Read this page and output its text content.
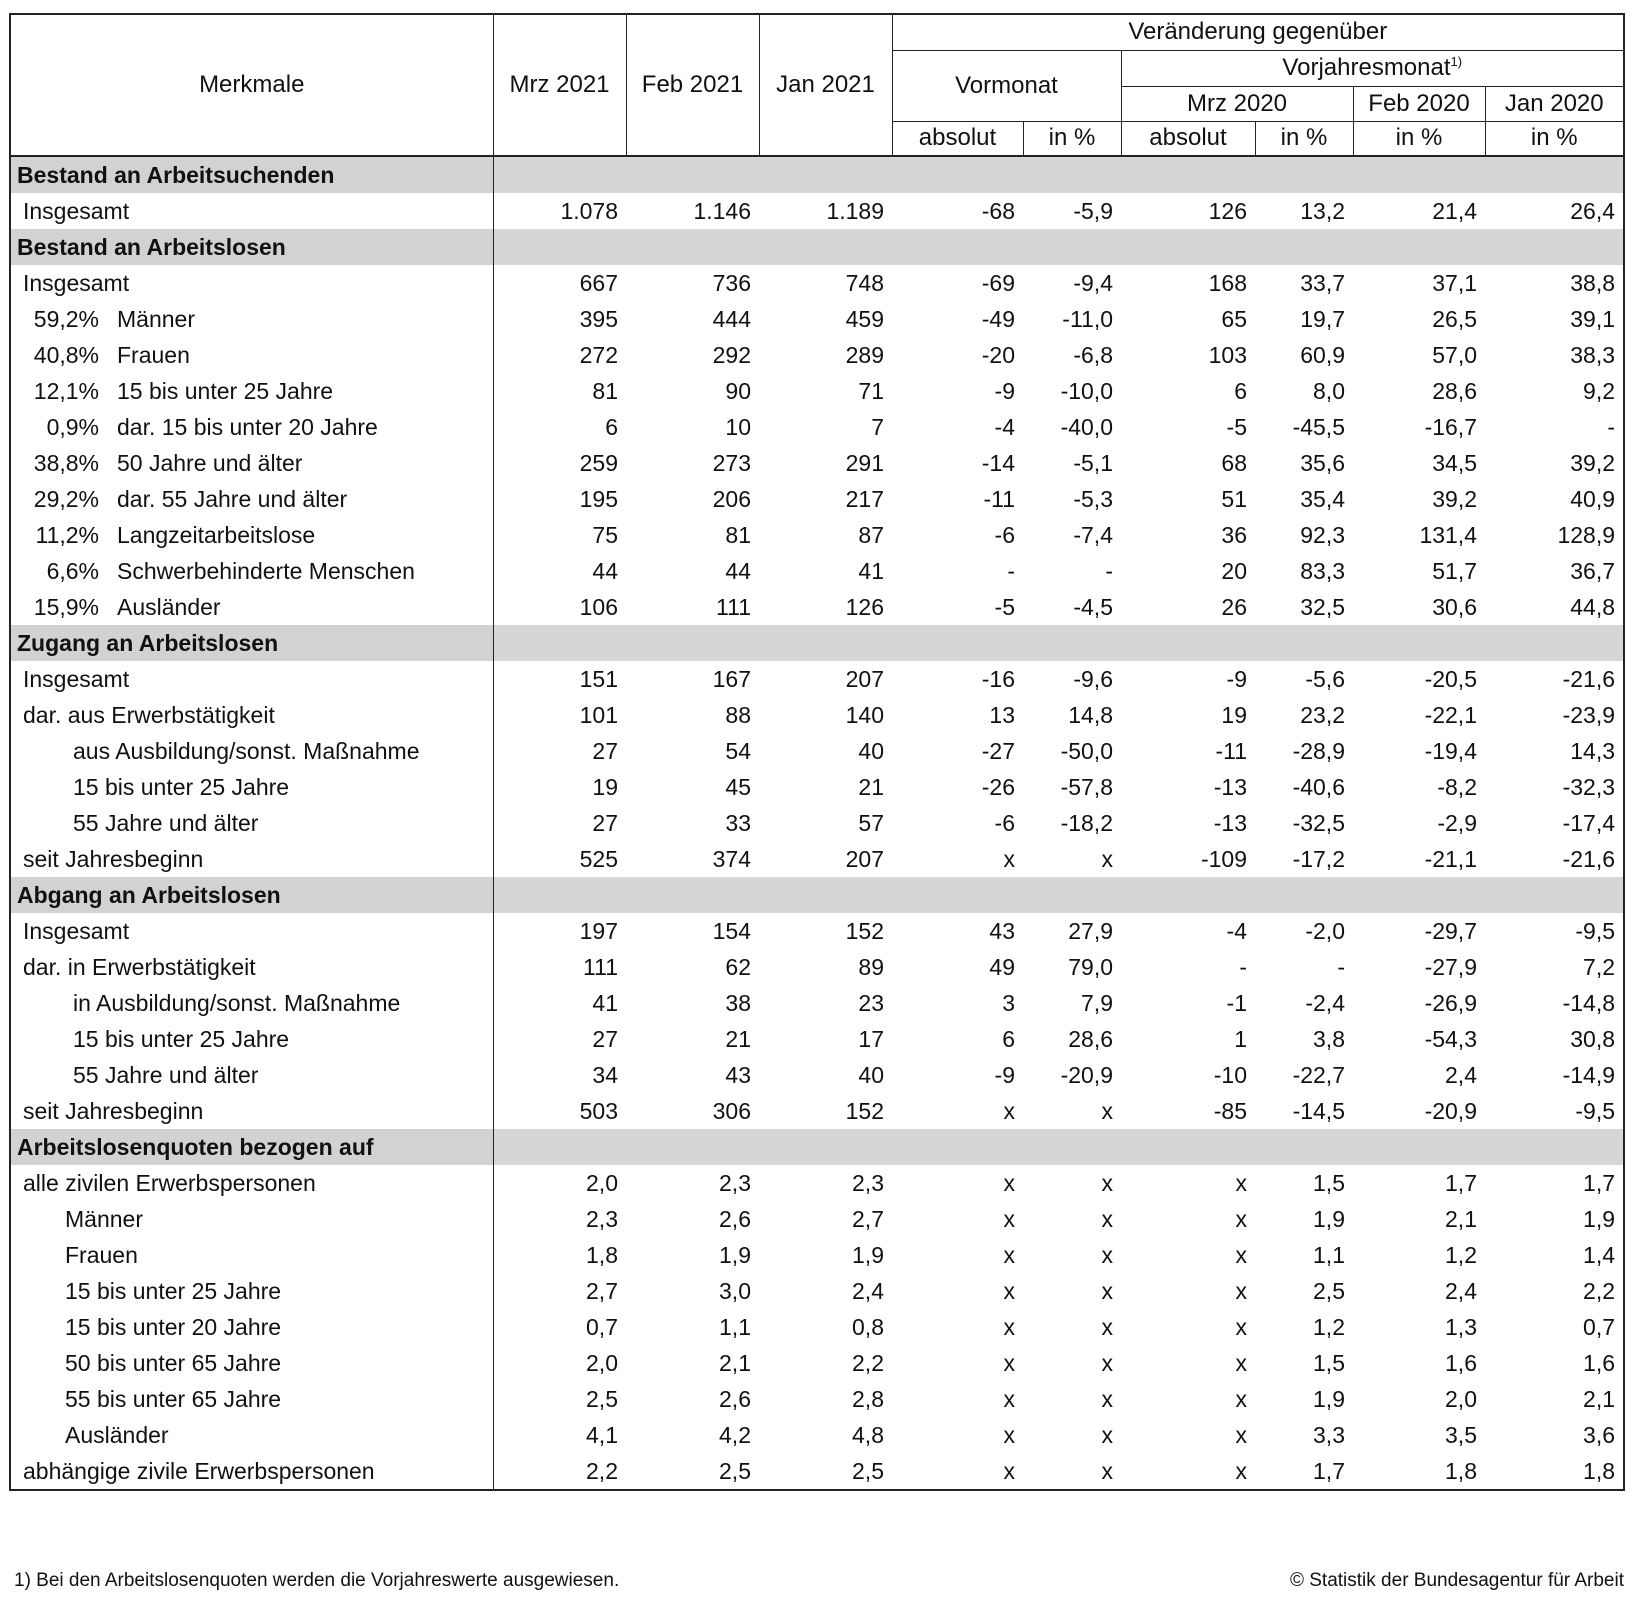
Merkmale	Mrz 2021	Feb 2021	Jan 2021	Veränderung gegenüber					
				Vormonat		Vorjahresmonat$^{1)}$
						Mrz 2020		Feb 2020	Jan 2020
				absolut	in %	absolut	in %	in %	in %
Bestand an Arbeitsuchenden									
Insgesamt	1.078	1.146	1.189	-68	-5,9	126	13,2	21,4	26,4
Bestand an Arbeitslosen									
Insgesamt	667	736	748	-69	-9,4	168	33,7	37,1	38,8
59,2% Männer	395	444	459	-49	-11,0	65	19,7	26,5	39,1
40,8% Frauen	272	292	289	-20	-6,8	103	60,9	57,0	38,3
12,1% 15 bis unter 25 Jahre	81	90	71	-9	-10,0	6	8,0	28,6	9,2
0,9% dar. 15 bis unter 20 Jahre	6	10	7	-4	-40,0	-5	-45,5	-16,7	-
38,8% 50 Jahre und älter	259	273	291	-14	-5,1	68	35,6	34,5	39,2
29,2% dar. 55 Jahre und älter	195	206	217	-11	-5,3	51	35,4	39,2	40,9
11,2% Langzeitarbeitslose	75	81	87	-6	-7,4	36	92,3	131,4	128,9
6,6% Schwerbehinderte Menschen	44	44	41	-	-	20	83,3	51,7	36,7
15,9% Ausländer	106	111	126	-5	-4,5	26	32,5	30,6	44,8
Zugang an Arbeitslosen									
Insgesamt	151	167	207	-16	-9,6	-9	-5,6	-20,5	-21,6
dar. aus Erwerbstätigkeit	101	88	140	13	14,8	19	23,2	-22,1	-23,9
aus Ausbildung/sonst. Maßnahme	27	54	40	-27	-50,0	-11	-28,9	-19,4	14,3
15 bis unter 25 Jahre	19	45	21	-26	-57,8	-13	-40,6	-8,2	-32,3
55 Jahre und älter	27	33	57	-6	-18,2	-13	-32,5	-2,9	-17,4
seit Jahresbeginn	525	374	207	x	x	-109	-17,2	-21,1	-21,6
Abgang an Arbeitslosen									
Insgesamt	197	154	152	43	27,9	-4	-2,0	-29,7	-9,5
dar. in Erwerbstätigkeit	111	62	89	49	79,0	-	-	-27,9	7,2
in Ausbildung/sonst. Maßnahme	41	38	23	3	7,9	-1	-2,4	-26,9	-14,8
15 bis unter 25 Jahre	27	21	17	6	28,6	1	3,8	-54,3	30,8
55 Jahre und älter	34	43	40	-9	-20,9	-10	-22,7	2,4	-14,9
seit Jahresbeginn	503	306	152	x	x	-85	-14,5	-20,9	-9,5
Arbeitslosenquoten bezogen auf									
alle zivilen Erwerbspersonen	2,0	2,3	2,3	x	x	x	1,5	1,7	1,7
Männer	2,3	2,6	2,7	x	x	x	1,9	2,1	1,9
Frauen	1,8	1,9	1,9	x	x	x	1,1	1,2	1,4
15 bis unter 25 Jahre	2,7	3,0	2,4	x	x	x	2,5	2,4	2,2
15 bis unter 20 Jahre	0,7	1,1	0,8	x	x	x	1,2	1,3	0,7
50 bis unter 65 Jahre	2,0	2,1	2,2	x	x	x	1,5	1,6	1,6
55 bis unter 65 Jahre	2,5	2,6	2,8	x	x	x	1,9	2,0	2,1
Ausländer	4,1	4,2	4,8	x	x	x	3,3	3,5	3,6
abhängige zivile Erwerbspersonen	2,2	2,5	2,5	x	x	x	1,7	1,8	1,8
1) Bei den Arbeitslosenquoten werden die Vorjahreswerte ausgewiesen.	© Statistik der Bundesagentur für Arbeit
